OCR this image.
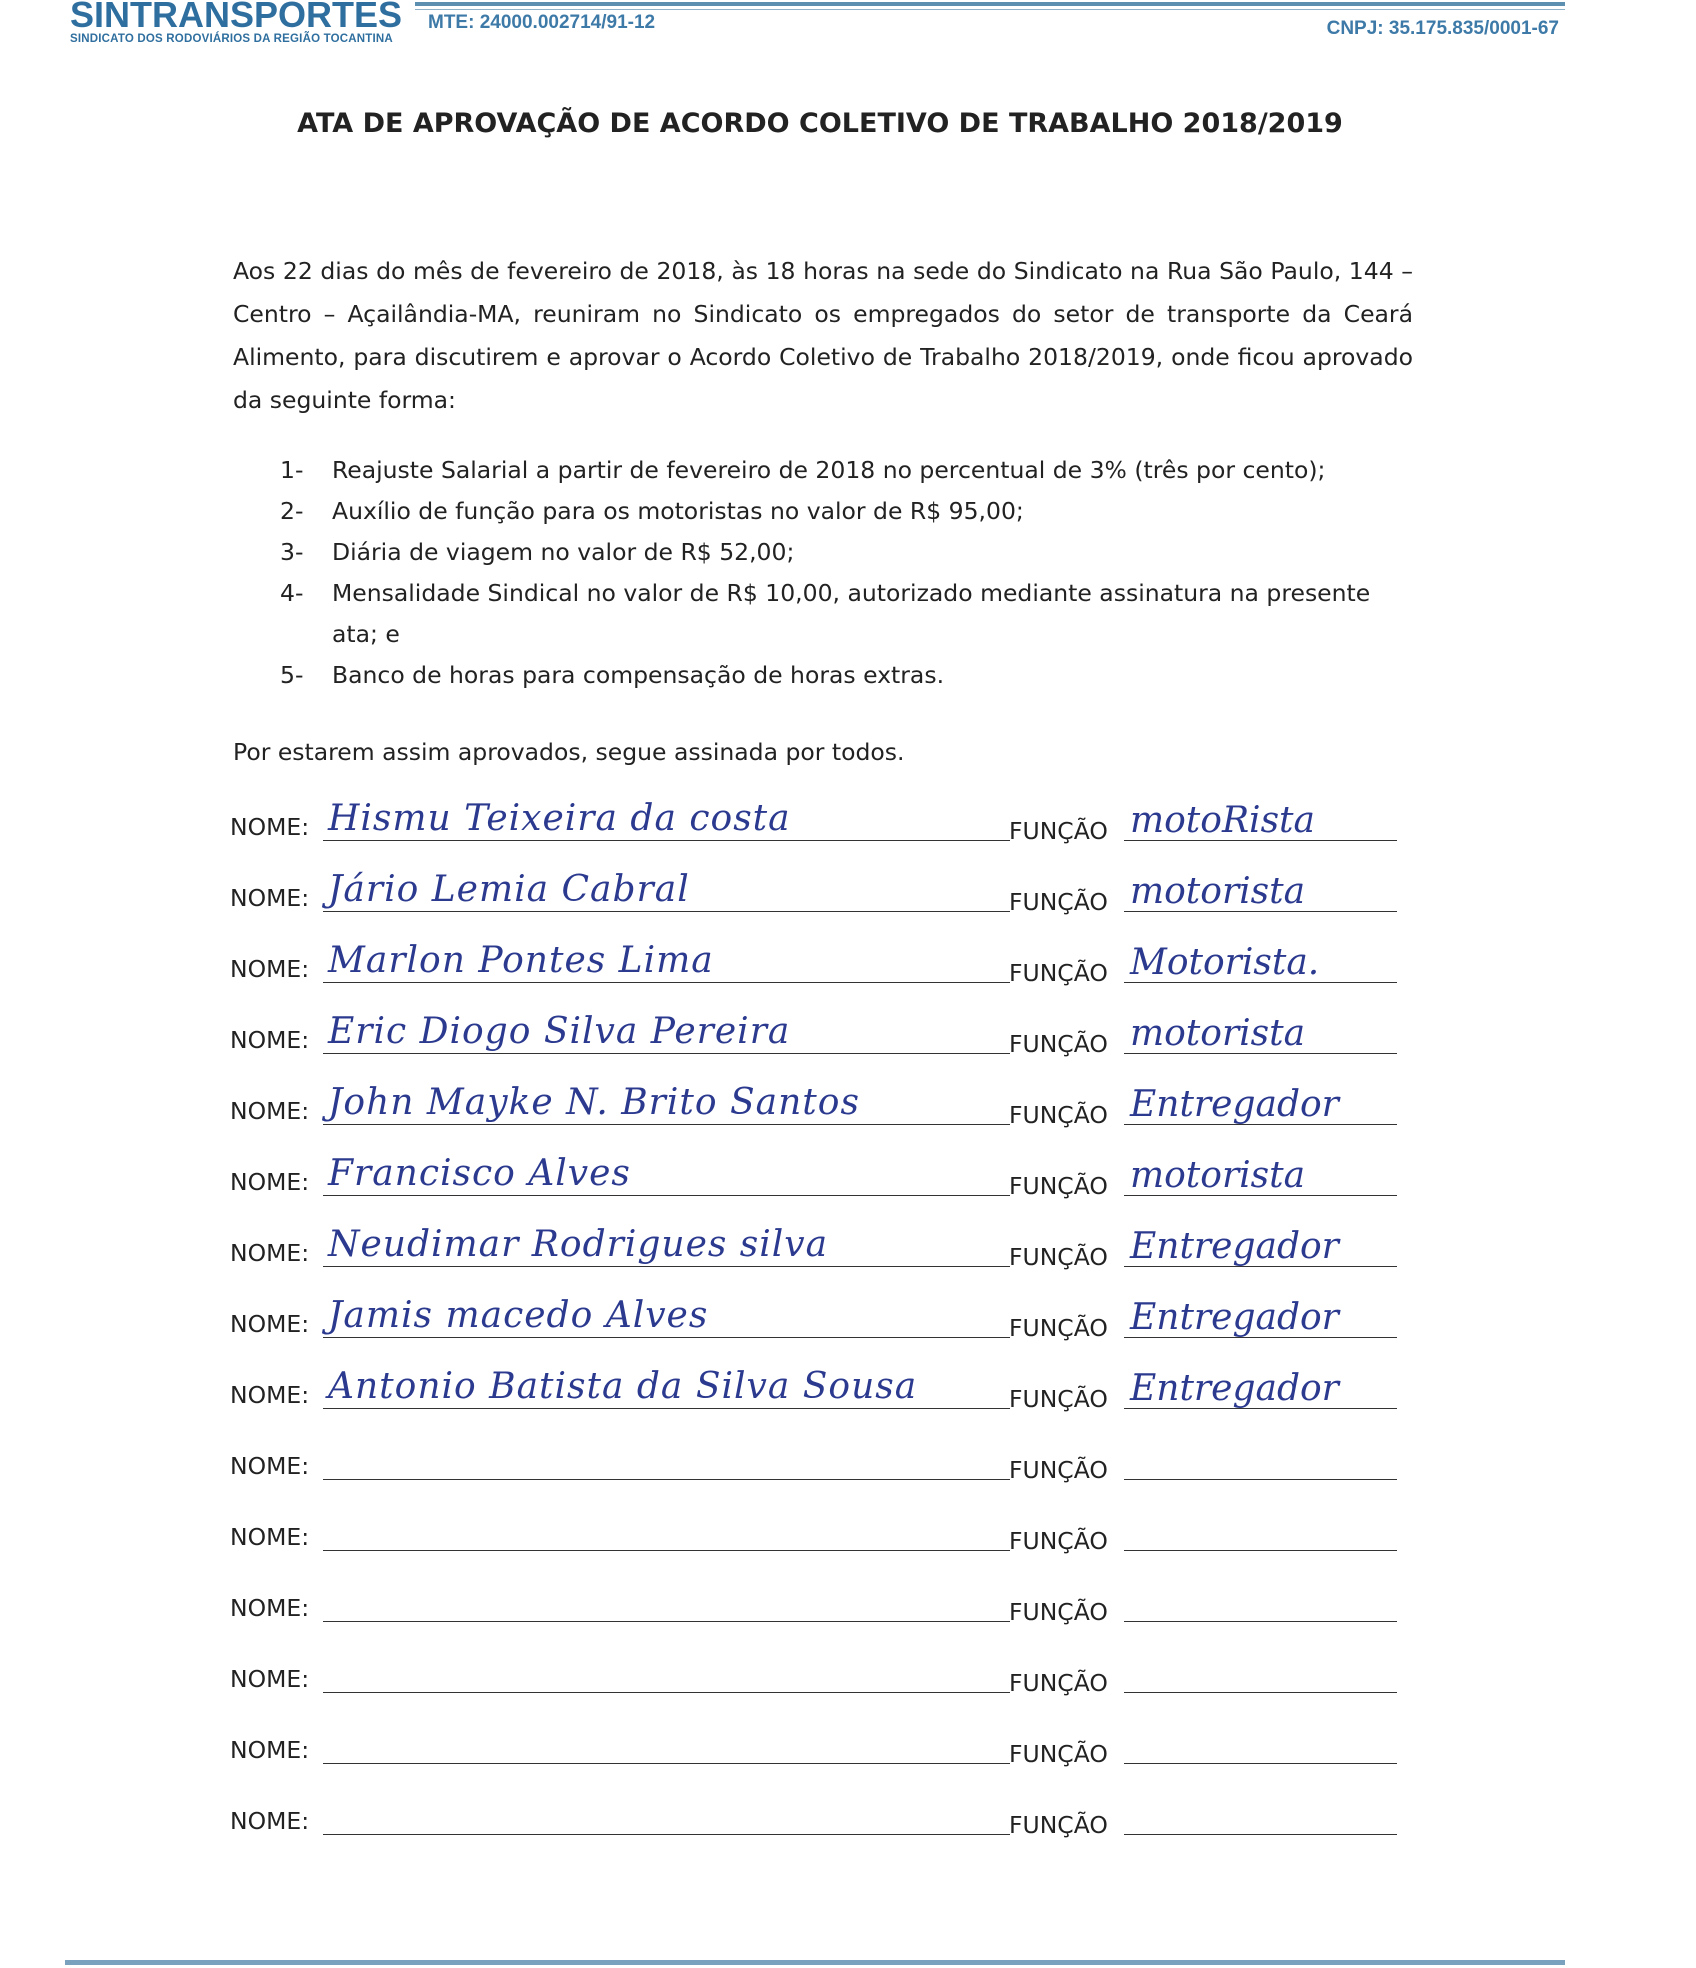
SINTRANSPORTES
SINDICATO DOS RODOVIÁRIOS DA REGIÃO TOCANTINA
MTE: 24000.002714/91-12	CNPJ: 35.175.835/0001-67
ATA DE APROVAÇÃO DE ACORDO COLETIVO DE TRABALHO 2018/2019
Aos 22 dias do mês de fevereiro de 2018, às 18 horas na sede do Sindicato na Rua São Paulo, 144 – Centro – Açailândia-MA, reuniram no Sindicato os empregados do setor de transporte da Ceará Alimento, para discutirem e aprovar o Acordo Coletivo de Trabalho 2018/2019, onde ficou aprovado da seguinte forma:
1- Reajuste Salarial a partir de fevereiro de 2018 no percentual de 3% (três por cento);
2- Auxílio de função para os motoristas no valor de R$ 95,00;
3- Diária de viagem no valor de R$ 52,00;
4- Mensalidade Sindical no valor de R$ 10,00, autorizado mediante assinatura na presente ata; e
5- Banco de horas para compensação de horas extras.
Por estarem assim aprovados, segue assinada por todos.
NOME: Hismu Teixeira da costa	FUNÇÃO motoRista
NOME: Jário Lemia Cabral	FUNÇÃO motorista
NOME: Marlon Pontes Lima	FUNÇÃO Motorista.
NOME: Eric Diogo Silva Pereira	FUNÇÃO motorista
NOME: John Mayke N. Brito Santos	FUNÇÃO Entregador
NOME: Francisco Alves	FUNÇÃO motorista
NOME: Neudimar Rodrigues silva	FUNÇÃO Entregador
NOME: Jamis macedo Alves	FUNÇÃO Entregador
NOME: Antonio Batista da Silva Sousa	FUNÇÃO Entregador
NOME:	FUNÇÃO
NOME:	FUNÇÃO
NOME:	FUNÇÃO
NOME:	FUNÇÃO
NOME:	FUNÇÃO
NOME:	FUNÇÃO
